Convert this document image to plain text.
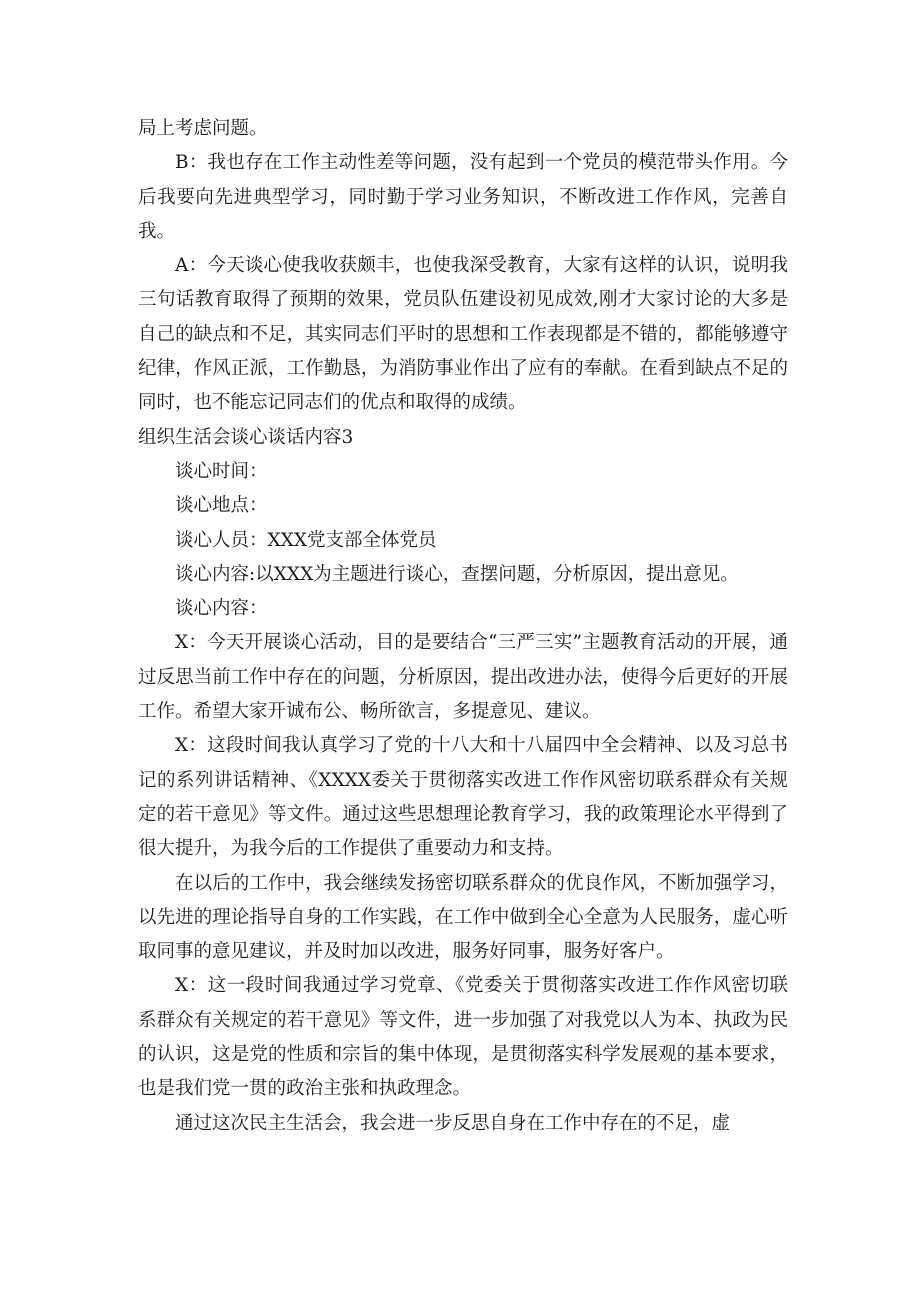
局上考虑问题。

B：我也存在工作主动性差等问题，没有起到一个党员的模范带头作用。今后我要向先进典型学习，同时勤于学习业务知识，不断改进工作作风，完善自我。

A：今天谈心使我收获颇丰，也使我深受教育，大家有这样的认识，说明我三句话教育取得了预期的效果，党员队伍建设初见成效,刚才大家讨论的大多是自己的缺点和不足，其实同志们平时的思想和工作表现都是不错的，都能够遵守纪律，作风正派，工作勤恳，为消防事业作出了应有的奉献。在看到缺点不足的同时，也不能忘记同志们的优点和取得的成绩。

组织生活会谈心谈话内容3

谈心时间：

谈心地点：

谈心人员：XXX党支部全体党员

谈心内容:以XXX为主题进行谈心，查摆问题，分析原因，提出意见。

谈心内容：

X：今天开展谈心活动，目的是要结合“三严三实”主题教育活动的开展，通过反思当前工作中存在的问题，分析原因，提出改进办法，使得今后更好的开展工作。希望大家开诚布公、畅所欲言，多提意见、建议。

X：这段时间我认真学习了党的十八大和十八届四中全会精神、以及习总书记的系列讲话精神、《XXXX委关于贯彻落实改进工作作风密切联系群众有关规定的若干意见》等文件。通过这些思想理论教育学习，我的政策理论水平得到了很大提升，为我今后的工作提供了重要动力和支持。

在以后的工作中，我会继续发扬密切联系群众的优良作风，不断加强学习，以先进的理论指导自身的工作实践，在工作中做到全心全意为人民服务，虚心听取同事的意见建议，并及时加以改进，服务好同事，服务好客户。

X：这一段时间我通过学习党章、《党委关于贯彻落实改进工作作风密切联系群众有关规定的若干意见》等文件，进一步加强了对我党以人为本、执政为民的认识，这是党的性质和宗旨的集中体现，是贯彻落实科学发展观的基本要求，也是我们党一贯的政治主张和执政理念。

通过这次民主生活会，我会进一步反思自身在工作中存在的不足，虚
